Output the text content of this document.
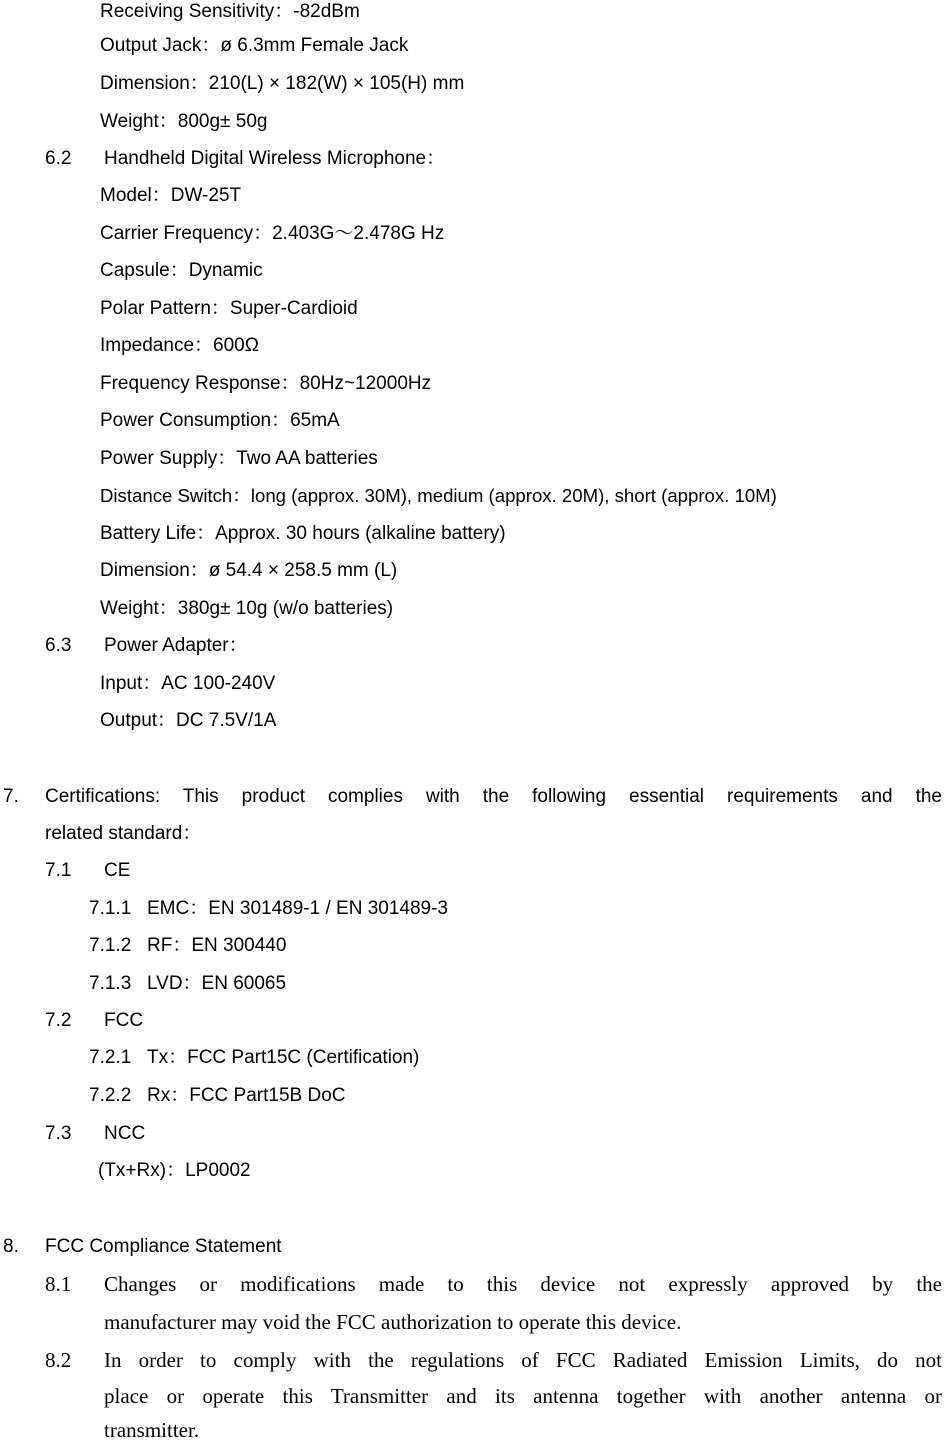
Receiving Sensitivity：-82dBm
Output Jack：ø 6.3mm Female Jack
Dimension：210(L) × 182(W) × 105(H) mm
Weight：800g± 50g
6.2 Handheld Digital Wireless Microphone：
Model：DW-25T
Carrier Frequency：2.403G～2.478G Hz
Capsule：Dynamic
Polar Pattern：Super-Cardioid
Impedance：600Ω
Frequency Response：80Hz~12000Hz
Power Consumption：65mA
Power Supply：Two AA batteries
Distance Switch：long (approx. 30M), medium (approx. 20M), short (approx. 10M)
Battery Life：Approx. 30 hours (alkaline battery)
Dimension：ø 54.4 × 258.5 mm (L)
Weight：380g± 10g (w/o batteries)
6.3 Power Adapter：
Input：AC 100-240V
Output：DC 7.5V/1A
7. Certifications: This product complies with the following essential requirements and the
related standard：
7.1 CE
7.1.1 EMC：EN 301489-1 / EN 301489-3
7.1.2 RF：EN 300440
7.1.3 LVD：EN 60065
7.2 FCC
7.2.1 Tx：FCC Part15C (Certification)
7.2.2 Rx：FCC Part15B DoC
7.3 NCC
(Tx+Rx)：LP0002
8. FCC Compliance Statement
8.1 Changes or modifications made to this device not expressly approved by the
manufacturer may void the FCC authorization to operate this device.
8.2 In order to comply with the regulations of FCC Radiated Emission Limits, do not
place or operate this Transmitter and its antenna together with another antenna or
transmitter.
